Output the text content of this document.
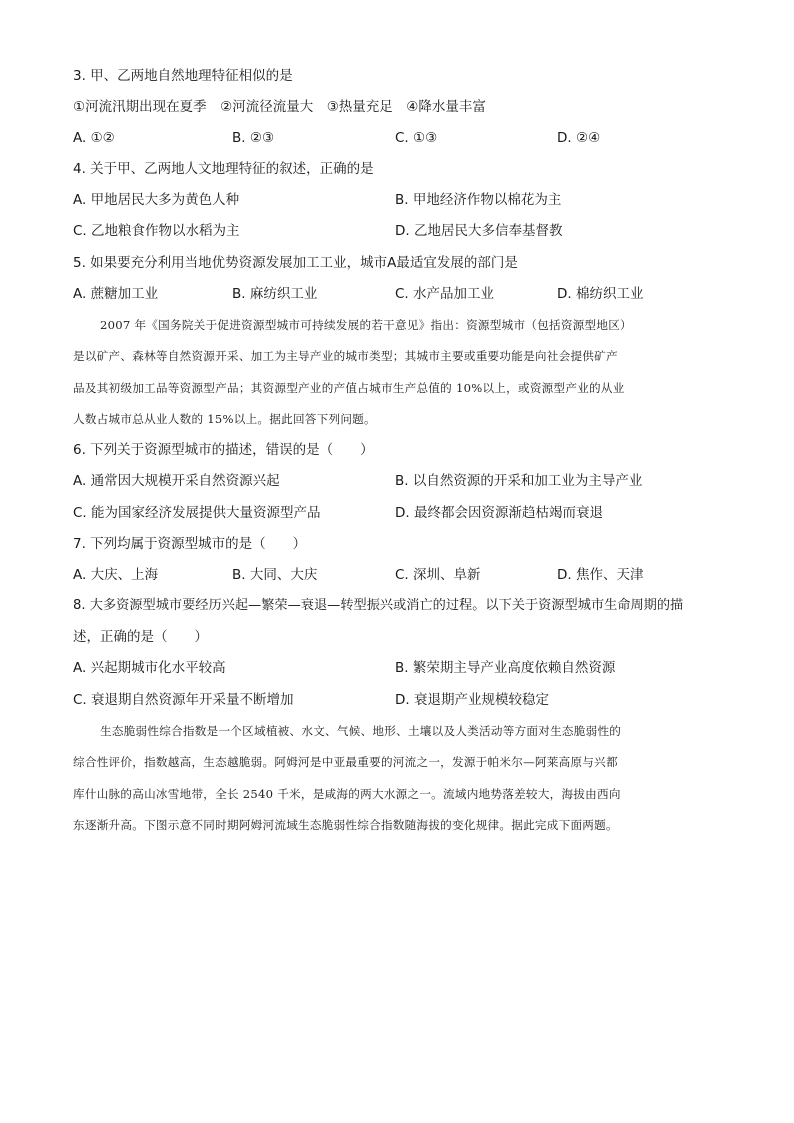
3. 甲、乙两地自然地理特征相似的是
①河流汛期出现在夏季　②河流径流量大　③热量充足　④降水量丰富
A. ①②	B. ②③	C. ①③	D. ②④
4. 关于甲、乙两地人文地理特征的叙述，正确的是
A. 甲地居民大多为黄色人种	B. 甲地经济作物以棉花为主
C. 乙地粮食作物以水稻为主	D. 乙地居民大多信奉基督教
5. 如果要充分利用当地优势资源发展加工工业，城市A最适宜发展的部门是
A. 蔗糖加工业	B. 麻纺织工业	C. 水产品加工业	D. 棉纺织工业
2007 年《国务院关于促进资源型城市可持续发展的若干意见》指出：资源型城市（包括资源型地区）
是以矿产、森林等自然资源开采、加工为主导产业的城市类型；其城市主要或重要功能是向社会提供矿产
品及其初级加工品等资源型产品；其资源型产业的产值占城市生产总值的 10%以上，或资源型产业的从业
人数占城市总从业人数的 15%以上。据此回答下列问题。
6. 下列关于资源型城市的描述，错误的是（　　）
A. 通常因大规模开采自然资源兴起	B. 以自然资源的开采和加工业为主导产业
C. 能为国家经济发展提供大量资源型产品	D. 最终都会因资源渐趋枯竭而衰退
7. 下列均属于资源型城市的是（　　）
A. 大庆、上海	B. 大同、大庆	C. 深圳、阜新	D. 焦作、天津
8. 大多资源型城市要经历兴起—繁荣—衰退—转型振兴或消亡的过程。以下关于资源型城市生命周期的描
述，正确的是（　　）
A. 兴起期城市化水平较高	B. 繁荣期主导产业高度依赖自然资源
C. 衰退期自然资源年开采量不断增加	D. 衰退期产业规模较稳定
生态脆弱性综合指数是一个区域植被、水文、气候、地形、土壤以及人类活动等方面对生态脆弱性的
综合性评价，指数越高，生态越脆弱。阿姆河是中亚最重要的河流之一，发源于帕米尔—阿莱高原与兴都
库什山脉的高山冰雪地带，全长 2540 千米，是咸海的两大水源之一。流域内地势落差较大，海拔由西向
东逐渐升高。下图示意不同时期阿姆河流域生态脆弱性综合指数随海拔的变化规律。据此完成下面两题。
